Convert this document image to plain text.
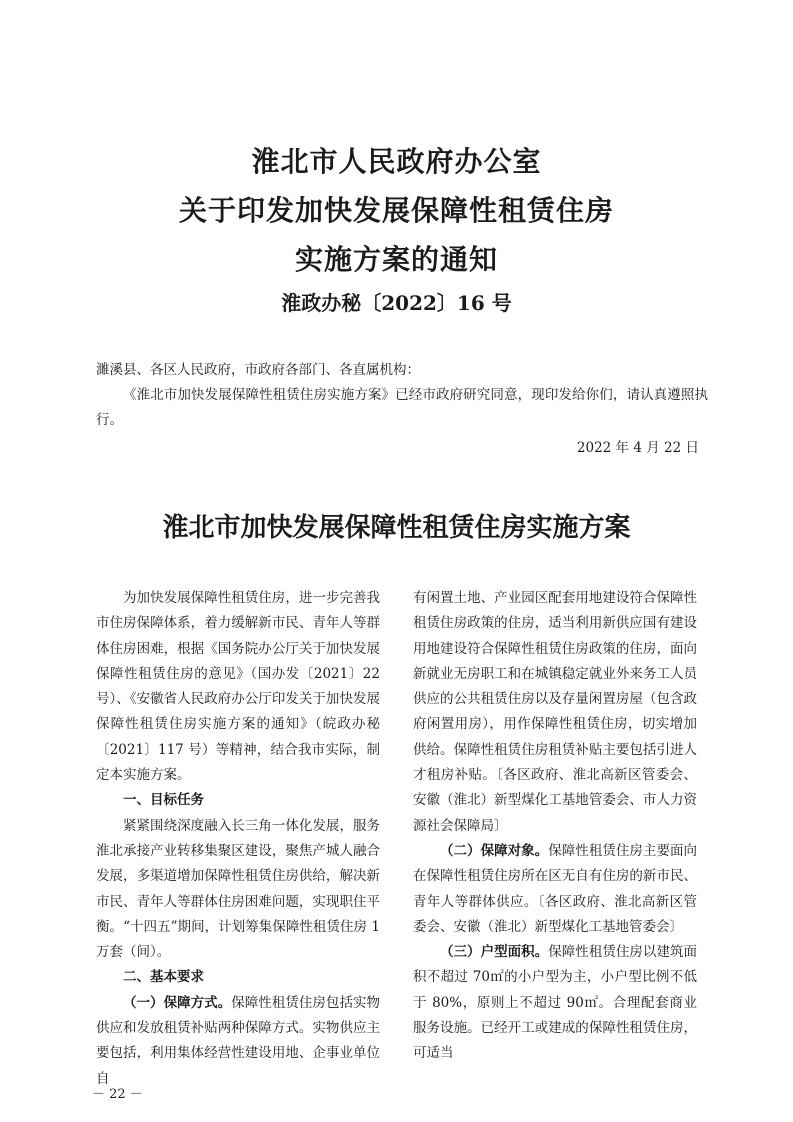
淮北市人民政府办公室
关于印发加快发展保障性租赁住房
实施方案的通知
淮政办秘〔2022〕16 号

濉溪县、各区人民政府，市政府各部门、各直属机构：

《淮北市加快发展保障性租赁住房实施方案》已经市政府研究同意，现印发给你们，请认真遵照执行。

2022 年 4 月 22 日
淮北市加快发展保障性租赁住房实施方案

为加快发展保障性租赁住房，进一步完善我市住房保障体系，着力缓解新市民、青年人等群体住房困难，根据《国务院办公厅关于加快发展保障性租赁住房的意见》（国办发〔2021〕22 号）、《安徽省人民政府办公厅印发关于加快发展保障性租赁住房实施方案的通知》（皖政办秘〔2021〕117 号）等精神，结合我市实际，制定本实施方案。

一、目标任务

紧紧围绕深度融入长三角一体化发展，服务淮北承接产业转移集聚区建设，聚焦产城人融合发展，多渠道增加保障性租赁住房供给，解决新市民、青年人等群体住房困难问题，实现职住平衡。“十四五”期间，计划筹集保障性租赁住房 1 万套（间）。

二、基本要求

（一）保障方式。保障性租赁住房包括实物供应和发放租赁补贴两种保障方式。实物供应主要包括，利用集体经营性建设用地、企事业单位自

有闲置土地、产业园区配套用地建设符合保障性租赁住房政策的住房，适当利用新供应国有建设用地建设符合保障性租赁住房政策的住房，面向新就业无房职工和在城镇稳定就业外来务工人员供应的公共租赁住房以及存量闲置房屋（包含政府闲置用房），用作保障性租赁住房，切实增加供给。保障性租赁住房租赁补贴主要包括引进人才租房补贴。〔各区政府、淮北高新区管委会、安徽（淮北）新型煤化工基地管委会、市人力资源社会保障局〕

（二）保障对象。保障性租赁住房主要面向在保障性租赁住房所在区无自有住房的新市民、青年人等群体供应。〔各区政府、淮北高新区管委会、安徽（淮北）新型煤化工基地管委会〕

（三）户型面积。保障性租赁住房以建筑面积不超过 70㎡的小户型为主，小户型比例不低于 80%，原则上不超过 90㎡。合理配套商业服务设施。已经开工或建成的保障性租赁住房，可适当

－ 22 －
